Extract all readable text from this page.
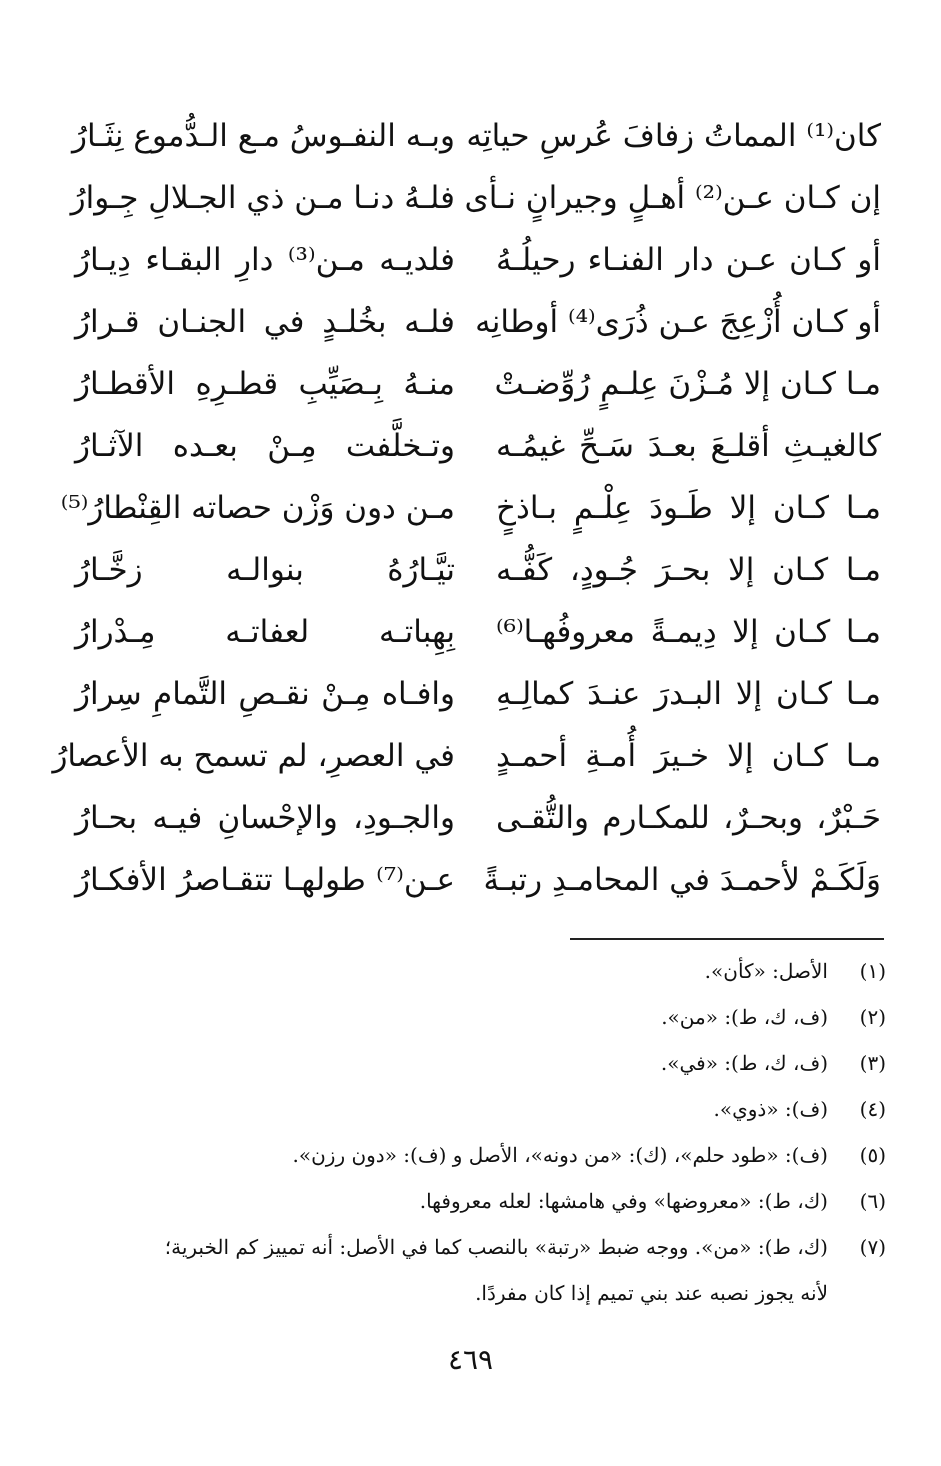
كان⁽¹⁾ المماتُ زفافَ عُرسِ حياتِه
وبـه النفـوسُ مـع الـدُّموع نِثَـارُ
إن كـان عـن⁽²⁾ أهـلٍ وجيرانٍ نـأى
فلـهُ دنـا مـن ذي الجـلالِ جِـوارُ
أو كـان عـن دار الفنـاء رحيلُـهُ
فلديـه مـن⁽³⁾ دارِ البقـاء دِيـارُ
أو كـان أُزْعِجَ عـن ذُرَى⁽⁴⁾ أوطانِه
فلـه بخُلـدٍ في الجنـان قـرارُ
مـا كـان إلا مُـزْنَ عِلـمٍ رُوِّضـتْ
منـهُ بِـصَيِّبِ قطـرِهِ الأقطـارُ
كالغيـثِ أقلـعَ بعـدَ سَـحِّ غيمُـه
وتـخلَّفت مِـنْ بعـده الآثـارُ
مـا كـان إلا طَـودَ عِلْـمٍ بـاذخٍ
مـن دون وَزْن حصاته القِنْطارُ⁽⁵⁾
مـا كـان إلا بحـرَ جُـودٍ، كَفُّـه
تيَّـارُهُ بنوالـه زخَّـارُ
مـا كـان إلا دِيمـةً معروفُهـا⁽⁶⁾
بِهِباتـه لعفاتـه مِـدْرارُ
مـا كـان إلا البـدرَ عنـدَ كمالِـهِ
وافـاه مِـنْ نقـصِ التَّمامِ سِرارُ
مـا كـان إلا خـيرَ أُمـةِ أحمـدٍ
في العصرِ، لم تسمح به الأعصارُ
حَـبْرٌ، وبحـرٌ، للمكـارم والتُّقـى
والجـودِ، والإحْسانِ فيـه بحـارُ
وَلَكَـمْ لأحمـدَ في المحامـدِ رتبـةً
عـن⁽⁷⁾ طولهـا تتقـاصرُ الأفكـارُ
(١)
الأصل: «كأن».
(٢)
(ف، ك، ط): «من».
(٣)
(ف، ك، ط): «في».
(٤)
(ف): «ذوي».
(٥)
(ف): «طود حلم»، (ك): «من دونه»، الأصل و (ف): «دون رزن».
(٦)
(ك، ط): «معروضها» وفي هامشها: لعله معروفها.
(٧)
(ك، ط): «من». ووجه ضبط «رتبة» بالنصب كما في الأصل: أنه تمييز كم الخبرية؛
لأنه يجوز نصبه عند بني تميم إذا كان مفردًا.
٤٦٩
